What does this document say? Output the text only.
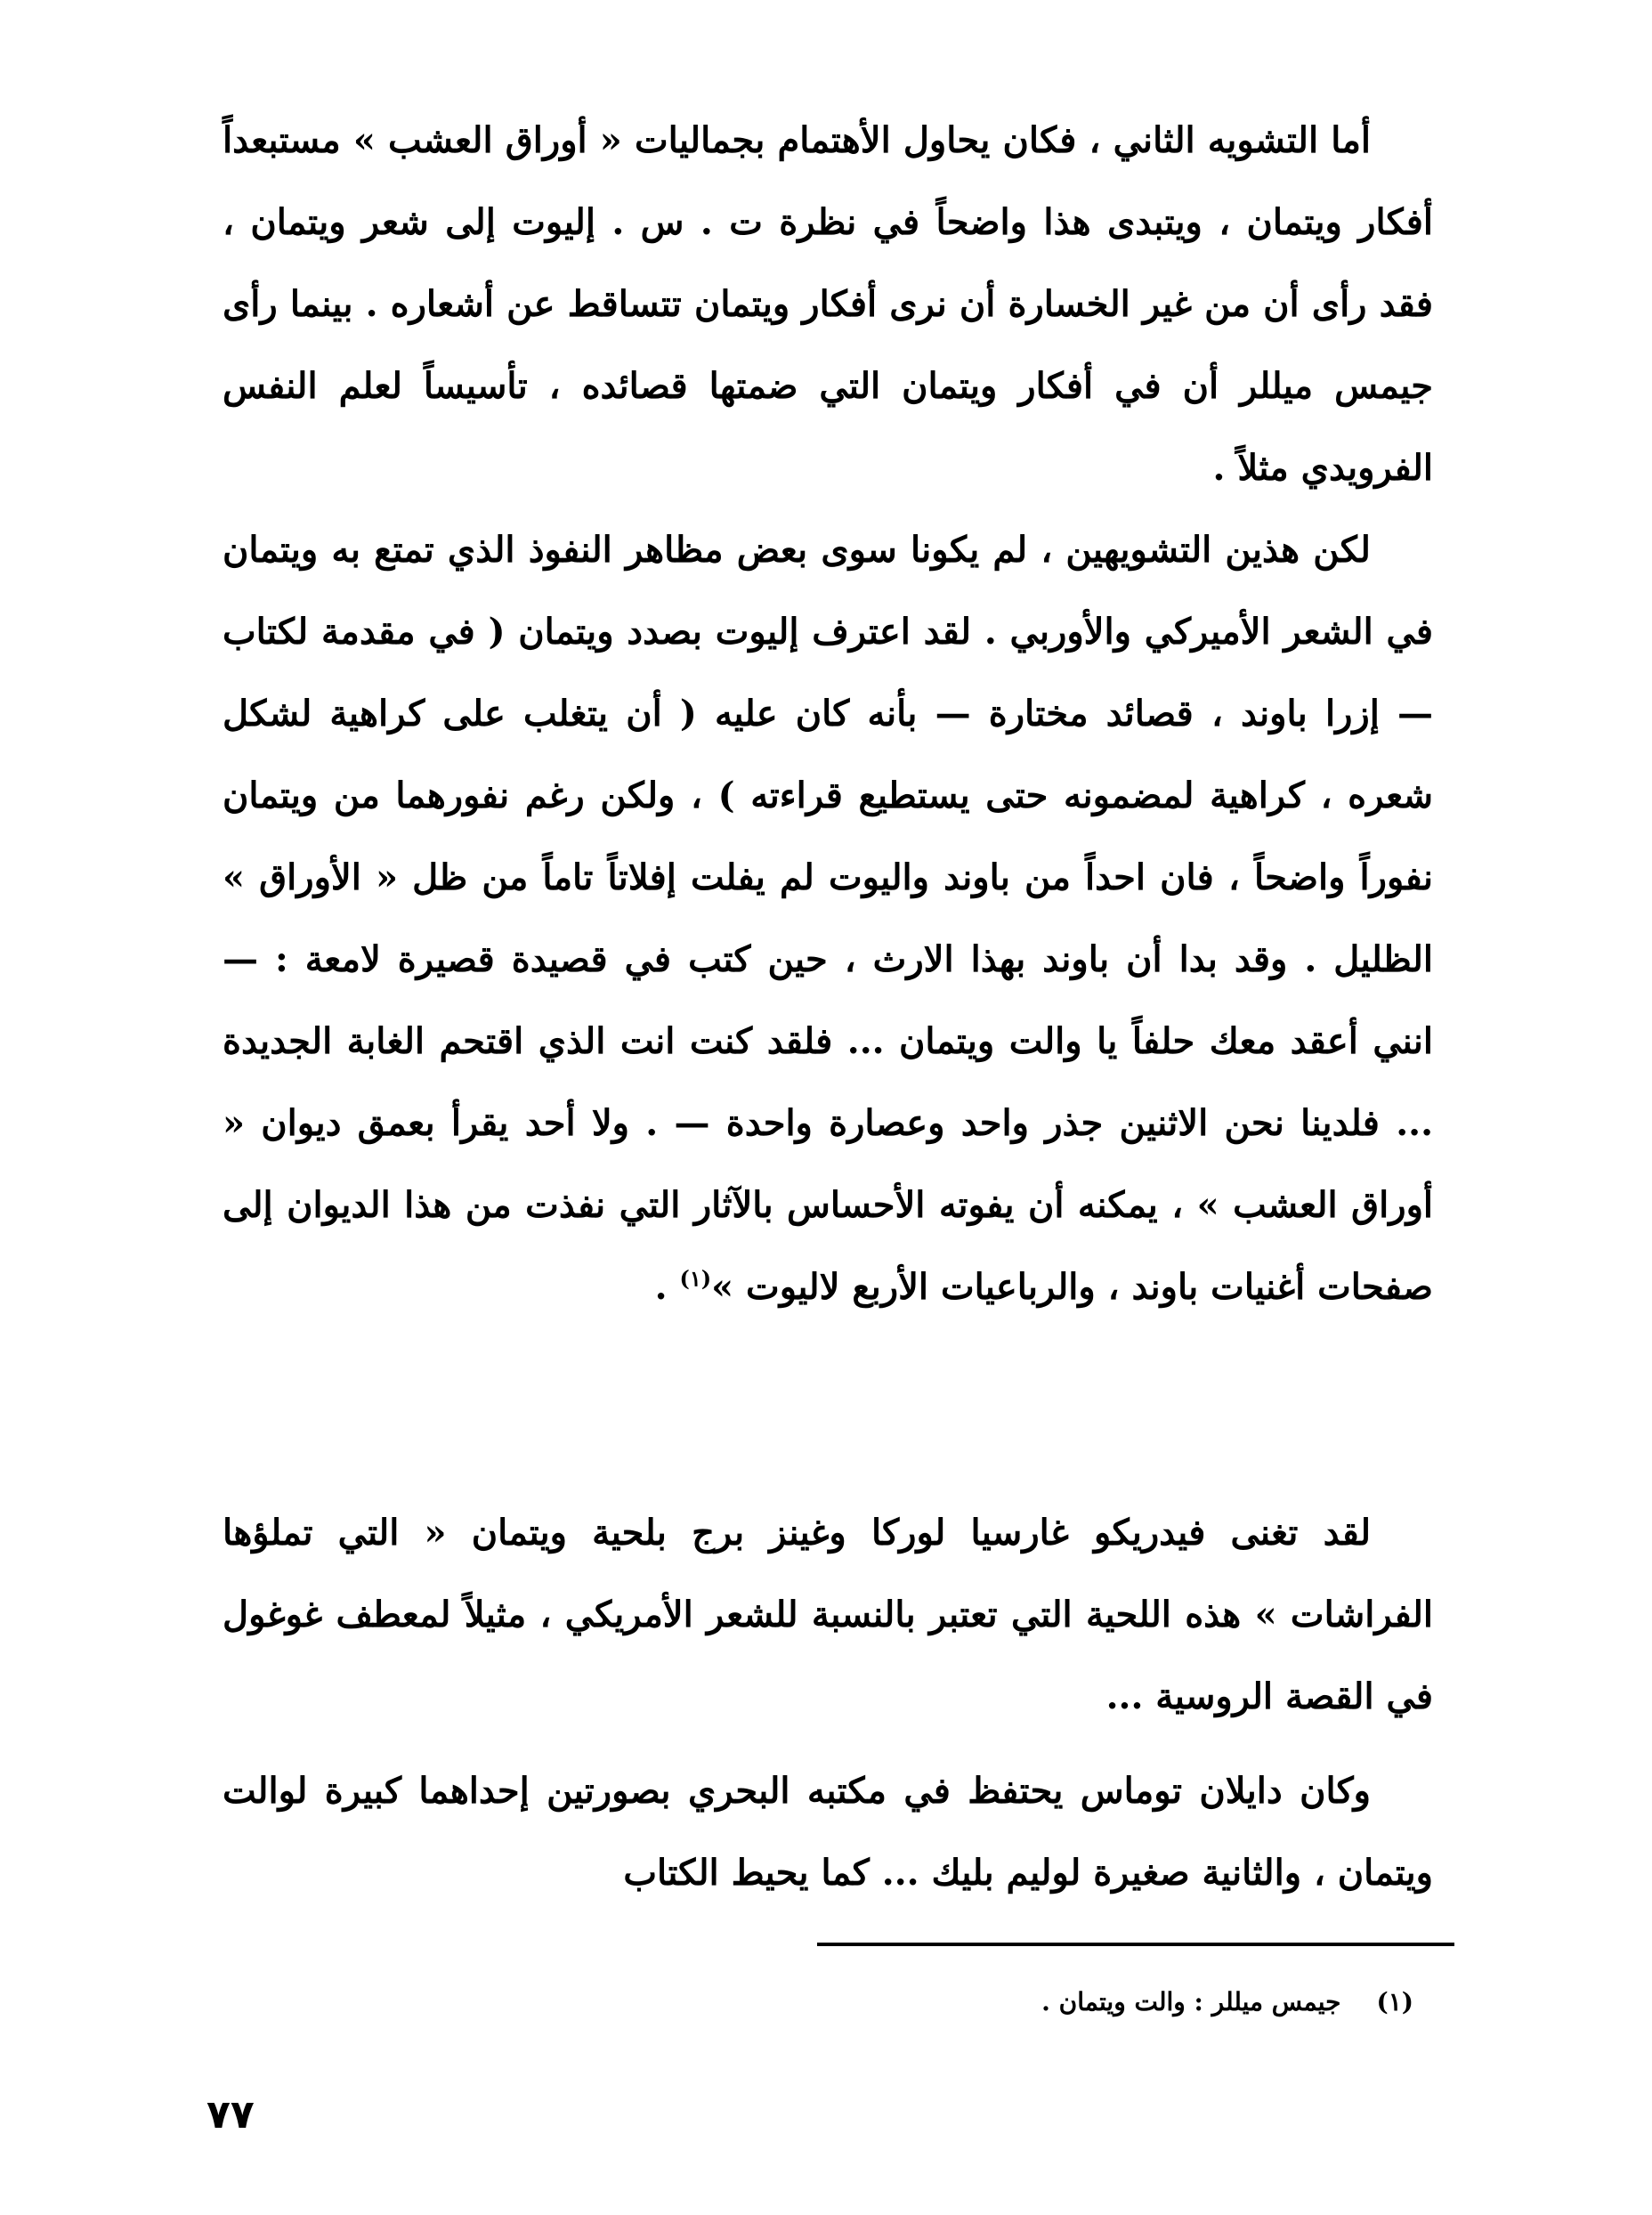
أما التشويه الثاني ، فكان يحاول الأهتمام بجماليات « أوراق العشب » مستبعداً أفكار ويتمان ، ويتبدى هذا واضحاً في نظرة ت . س . إليوت إلى شعر ويتمان ، فقد رأى أن من غير الخسارة أن نرى أفكار ويتمان تتساقط عن أشعاره . بينما رأى جيمس ميللر أن في أفكار ويتمان التي ضمتها قصائده ، تأسيساً لعلم النفس الفرويدي مثلاً .

لكن هذين التشويهين ، لم يكونا سوى بعض مظاهر النفوذ الذي تمتع به ويتمان في الشعر الأميركي والأوربي . لقد اعترف إليوت بصدد ويتمان ( في مقدمة لكتاب — إزرا باوند ، قصائد مختارة — بأنه كان عليه ( أن يتغلب على كراهية لشكل شعره ، كراهية لمضمونه حتى يستطيع قراءته ) ، ولكن رغم نفورهما من ويتمان نفوراً واضحاً ، فان احداً من باوند واليوت لم يفلت إفلاتاً تاماً من ظل « الأوراق » الظليل . وقد بدا أن باوند بهذا الارث ، حين كتب في قصيدة قصيرة لامعة : — انني أعقد معك حلفاً يا والت ويتمان ... فلقد كنت انت الذي اقتحم الغابة الجديدة ... فلدينا نحن الاثنين جذر واحد وعصارة واحدة — . ولا أحد يقرأ بعمق ديوان « أوراق العشب » ، يمكنه أن يفوته الأحساس بالآثار التي نفذت من هذا الديوان إلى صفحات أغنيات باوند ، والرباعيات الأربع لاليوت »$^{(١)}$ .

لقد تغنى فيدريكو غارسيا لوركا وغينز برج بلحية ويتمان « التي تملؤها الفراشات » هذه اللحية التي تعتبر بالنسبة للشعر الأمريكي ، مثيلاً لمعطف غوغول في القصة الروسية ...

وكان دايلان توماس يحتفظ في مكتبه البحري بصورتين إحداهما كبيرة لوالت ويتمان ، والثانية صغيرة لوليم بليك ... كما يحيط الكتاب

(١)جيمس ميللر : والت ويتمان .
٧٧
